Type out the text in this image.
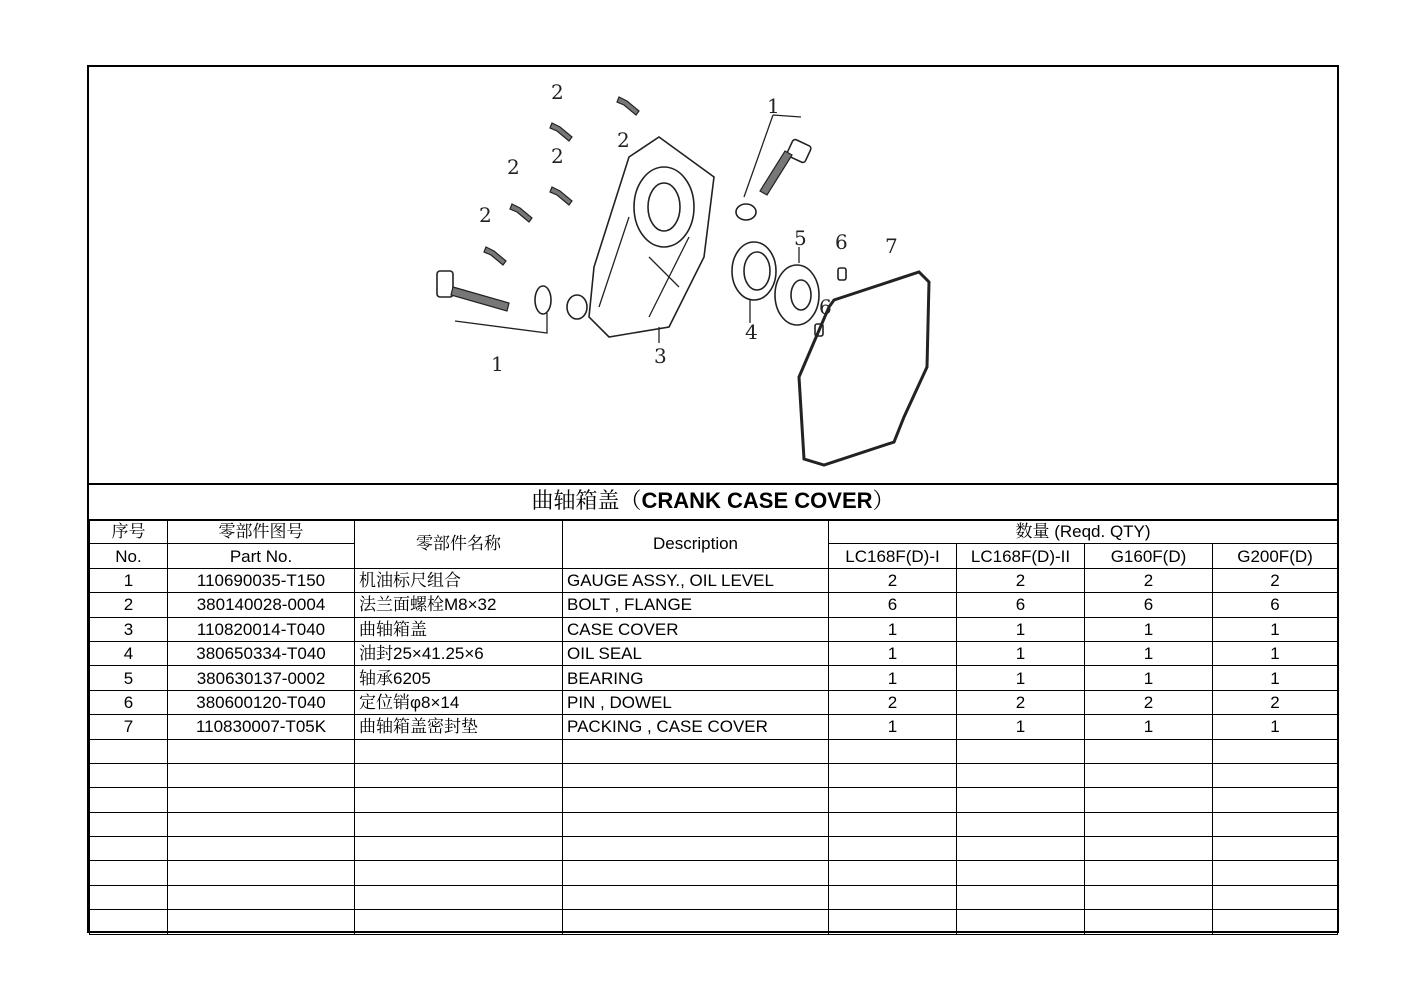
1
1
2
2
2
2
2
3
4
5 6
6
7
曲轴箱盖（CRANK CASE COVER）
序号	零部件图号	零部件名称	Description	数量 (Reqd. QTY)			
No.	Part No.			LC168F(D)-I	LC168F(D)-II	G160F(D)	G200F(D)
1	110690035-T150	机油标尺组合	GAUGE ASSY., OIL LEVEL	2	2	2	2
2	380140028-0004	法兰面螺栓M8×32	BOLT , FLANGE	6	6	6	6
3	110820014-T040	曲轴箱盖	CASE COVER	1	1	1	1
4	380650334-T040	油封25×41.25×6	OIL SEAL	1	1	1	1
5	380630137-0002	轴承6205	BEARING	1	1	1	1
6	380600120-T040	定位销φ8×14	PIN , DOWEL	2	2	2	2
7	110830007-T05K	曲轴箱盖密封垫	PACKING , CASE COVER	1	1	1	1
